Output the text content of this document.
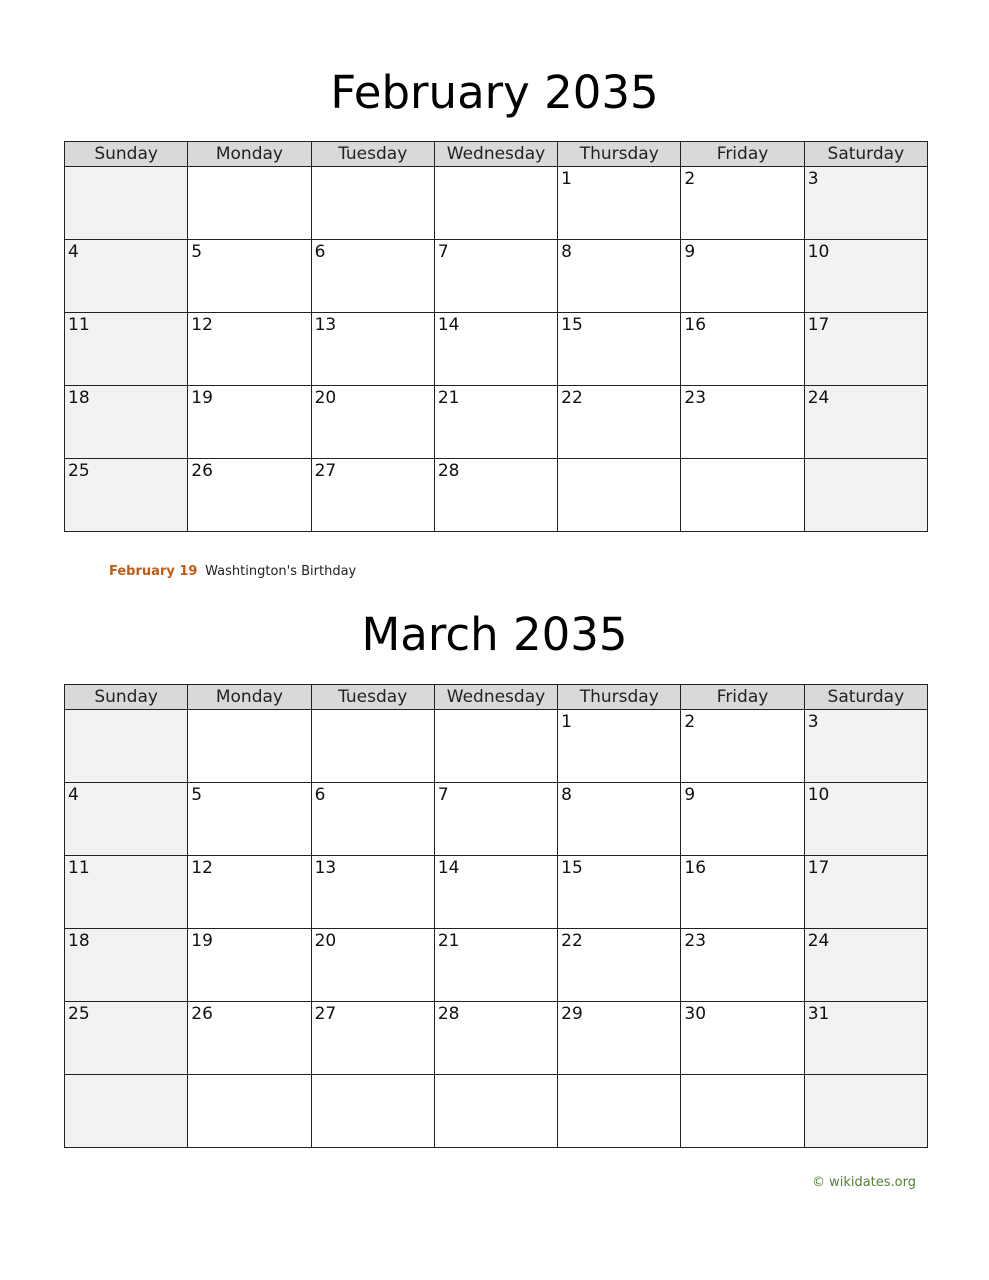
February 2035
Sunday	Monday	Tuesday	Wednesday	Thursday	Friday	Saturday

				1	2	3

4	5	6	7	8	9	10

11	12	13	14	15	16	17

18	19	20	21	22	23	24

25	26	27	28			

February 19 Washtington's Birthday
March 2035
Sunday	Monday	Tuesday	Wednesday	Thursday	Friday	Saturday

				1	2	3

4	5	6	7	8	9	10

11	12	13	14	15	16	17

18	19	20	21	22	23	24

25	26	27	28	29	30	31

© wikidates.org
